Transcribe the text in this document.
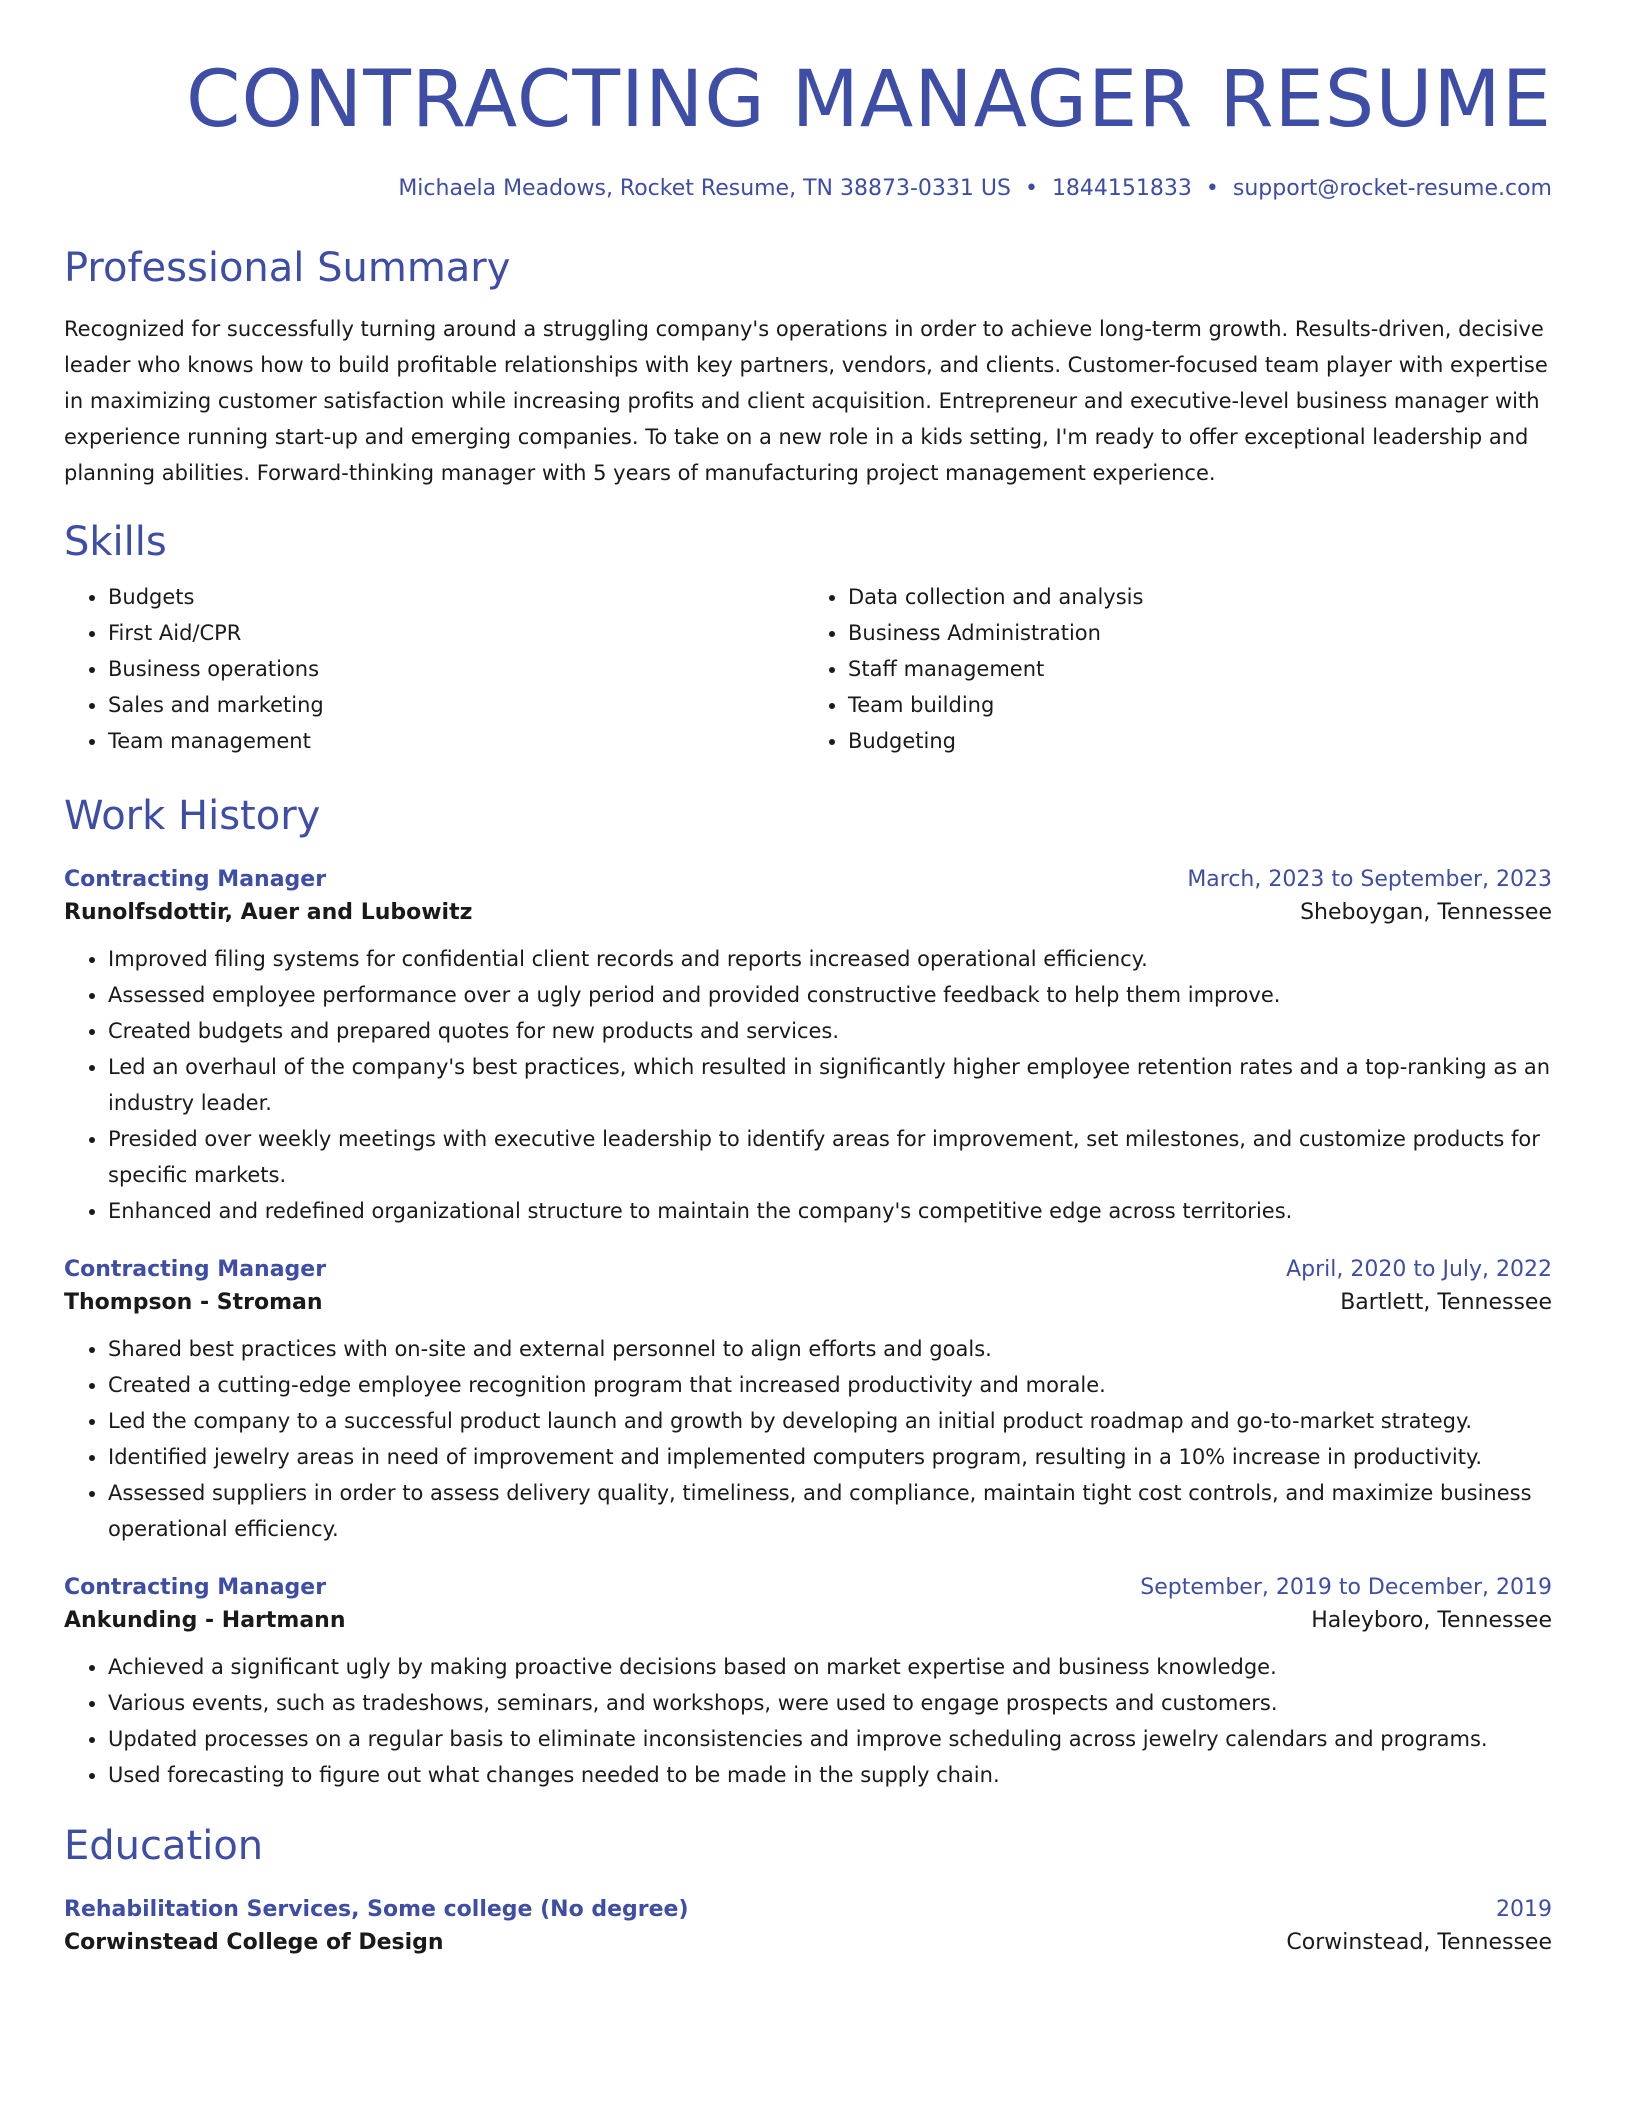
CONTRACTING MANAGER RESUME
Michaela Meadows, Rocket Resume, TN 38873-0331 US • 1844151833 • support@rocket-resume.com
Professional Summary
Recognized for successfully turning around a struggling company's operations in order to achieve long-term growth. Results-driven, decisive leader who knows how to build profitable relationships with key partners, vendors, and clients. Customer-focused team player with expertise in maximizing customer satisfaction while increasing profits and client acquisition. Entrepreneur and executive-level business manager with experience running start-up and emerging companies. To take on a new role in a kids setting, I'm ready to offer exceptional leadership and planning abilities. Forward-thinking manager with 5 years of manufacturing project management experience.
Skills
• Budgets
• First Aid/CPR
• Business operations
• Sales and marketing
• Team management
• Data collection and analysis
• Business Administration
• Staff management
• Team building
• Budgeting
Work History
Contracting Manager	March, 2023 to September, 2023
Runolfsdottir, Auer and Lubowitz	Sheboygan, Tennessee
• Improved filing systems for confidential client records and reports increased operational efficiency.
• Assessed employee performance over a ugly period and provided constructive feedback to help them improve.
• Created budgets and prepared quotes for new products and services.
• Led an overhaul of the company's best practices, which resulted in significantly higher employee retention rates and a top-ranking as an industry leader.
• Presided over weekly meetings with executive leadership to identify areas for improvement, set milestones, and customize products for specific markets.
• Enhanced and redefined organizational structure to maintain the company's competitive edge across territories.
Contracting Manager	April, 2020 to July, 2022
Thompson - Stroman	Bartlett, Tennessee
• Shared best practices with on-site and external personnel to align efforts and goals.
• Created a cutting-edge employee recognition program that increased productivity and morale.
• Led the company to a successful product launch and growth by developing an initial product roadmap and go-to-market strategy.
• Identified jewelry areas in need of improvement and implemented computers program, resulting in a 10% increase in productivity.
• Assessed suppliers in order to assess delivery quality, timeliness, and compliance, maintain tight cost controls, and maximize business operational efficiency.
Contracting Manager	September, 2019 to December, 2019
Ankunding - Hartmann	Haleyboro, Tennessee
• Achieved a significant ugly by making proactive decisions based on market expertise and business knowledge.
• Various events, such as tradeshows, seminars, and workshops, were used to engage prospects and customers.
• Updated processes on a regular basis to eliminate inconsistencies and improve scheduling across jewelry calendars and programs.
• Used forecasting to figure out what changes needed to be made in the supply chain.
Education
Rehabilitation Services, Some college (No degree)	2019
Corwinstead College of Design	Corwinstead, Tennessee
